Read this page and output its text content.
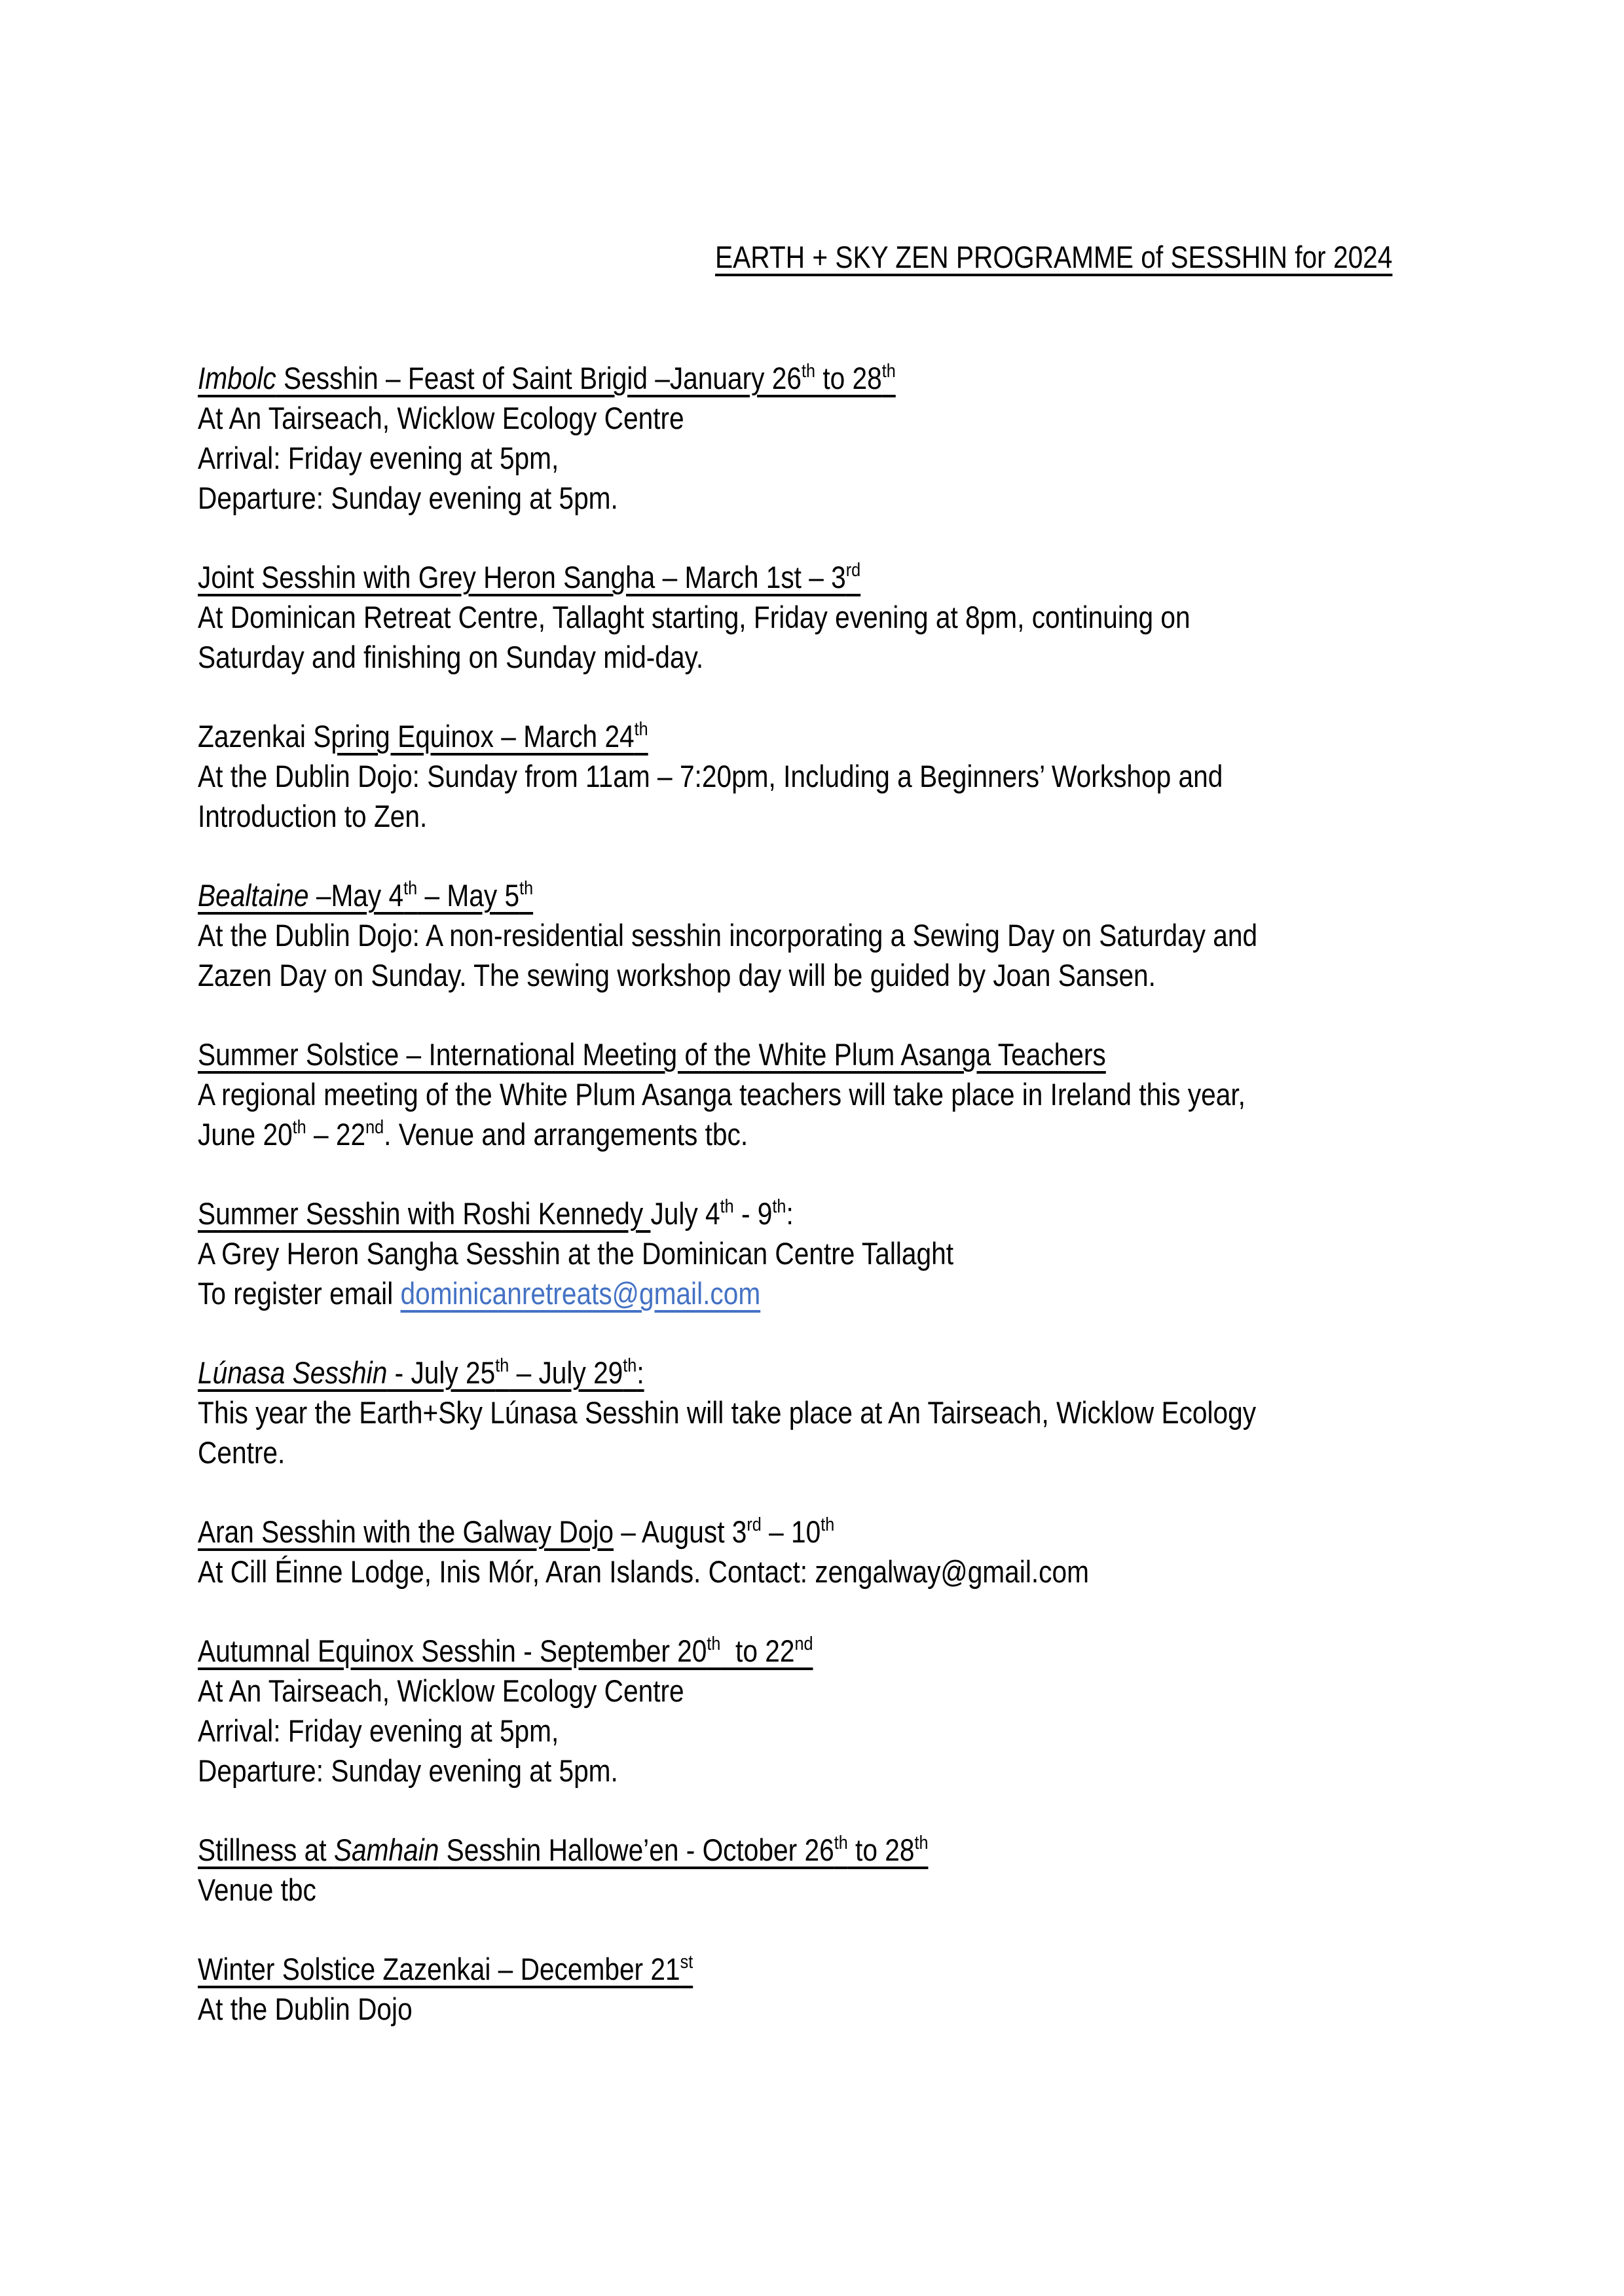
EARTH + SKY ZEN PROGRAMME of SESSHIN for 2024
Imbolc Sesshin – Feast of Saint Brigid –January 26th to 28th
At An Tairseach, Wicklow Ecology Centre
Arrival: Friday evening at 5pm,
Departure: Sunday evening at 5pm.
Joint Sesshin with Grey Heron Sangha – March 1st – 3rd
At Dominican Retreat Centre, Tallaght starting, Friday evening at 8pm, continuing on
Saturday and finishing on Sunday mid-day.
Zazenkai Spring Equinox – March 24th
At the Dublin Dojo: Sunday from 11am – 7:20pm, Including a Beginners’ Workshop and
Introduction to Zen.
Bealtaine –May 4th – May 5th
At the Dublin Dojo: A non-residential sesshin incorporating a Sewing Day on Saturday and
Zazen Day on Sunday. The sewing workshop day will be guided by Joan Sansen.
Summer Solstice – International Meeting of the White Plum Asanga Teachers
A regional meeting of the White Plum Asanga teachers will take place in Ireland this year,
June 20th – 22nd. Venue and arrangements tbc.
Summer Sesshin with Roshi Kennedy July 4th - 9th:
A Grey Heron Sangha Sesshin at the Dominican Centre Tallaght
To register email dominicanretreats@gmail.com
Lúnasa Sesshin - July 25th – July 29th:
This year the Earth+Sky Lúnasa Sesshin will take place at An Tairseach, Wicklow Ecology
Centre.
Aran Sesshin with the Galway Dojo – August 3rd – 10th
At Cill Éinne Lodge, Inis Mór, Aran Islands. Contact: zengalway@gmail.com
Autumnal Equinox Sesshin - September 20th  to 22nd
At An Tairseach, Wicklow Ecology Centre
Arrival: Friday evening at 5pm,
Departure: Sunday evening at 5pm.
Stillness at Samhain Sesshin Hallowe’en - October 26th to 28th
Venue tbc
Winter Solstice Zazenkai – December 21st
At the Dublin Dojo
